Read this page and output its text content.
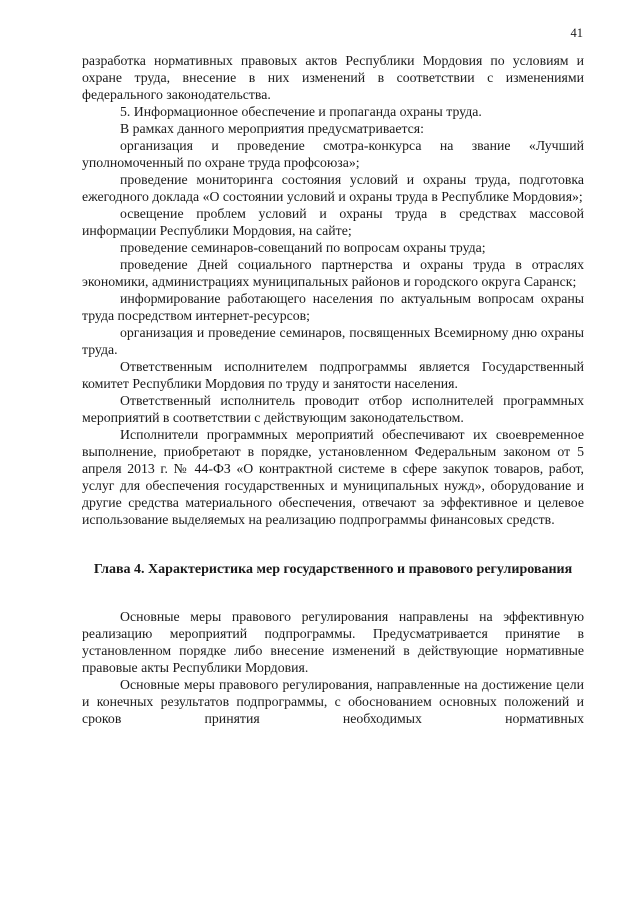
41

разработка нормативных правовых актов Республики Мордовия по условиям и охране труда, внесение в них изменений в соответствии с изменениями федерального законодательства.

5. Информационное обеспечение и пропаганда охраны труда.

В рамках данного мероприятия предусматривается:

организация и проведение смотра-конкурса на звание «Лучший уполномоченный по охране труда профсоюза»;

проведение мониторинга состояния условий и охраны труда, подготовка ежегодного доклада «О состоянии условий и охраны труда в Республике Мордовия»;

освещение проблем условий и охраны труда в средствах массовой информации Республики Мордовия, на сайте;

проведение семинаров-совещаний по вопросам охраны труда;

проведение Дней социального партнерства и охраны труда в отраслях экономики, администрациях муниципальных районов и городского округа Саранск;

информирование работающего населения по актуальным вопросам охраны труда посредством интернет-ресурсов;

организация и проведение семинаров, посвященных Всемирному дню охраны труда.

Ответственным исполнителем подпрограммы является Государственный комитет Республики Мордовия по труду и занятости населения.

Ответственный исполнитель проводит отбор исполнителей программных мероприятий в соответствии с действующим законодательством.

Исполнители программных мероприятий обеспечивают их своевременное выполнение, приобретают в порядке, установленном Федеральным законом от 5 апреля 2013 г. № 44-ФЗ «О контрактной системе в сфере закупок товаров, работ, услуг для обеспечения государственных и муниципальных нужд», оборудование и другие средства материального обеспечения, отвечают за эффективное и целевое использование выделяемых на реализацию подпрограммы финансовых средств.

Глава 4. Характеристика мер государственного и правового регулирования

Основные меры правового регулирования направлены на эффективную реализацию мероприятий подпрограммы. Предусматривается принятие в установленном порядке либо внесение изменений в действующие нормативные правовые акты Республики Мордовия.

Основные меры правового регулирования, направленные на достижение цели и конечных результатов подпрограммы, с обоснованием основных положений и сроков принятия необходимых нормативных
